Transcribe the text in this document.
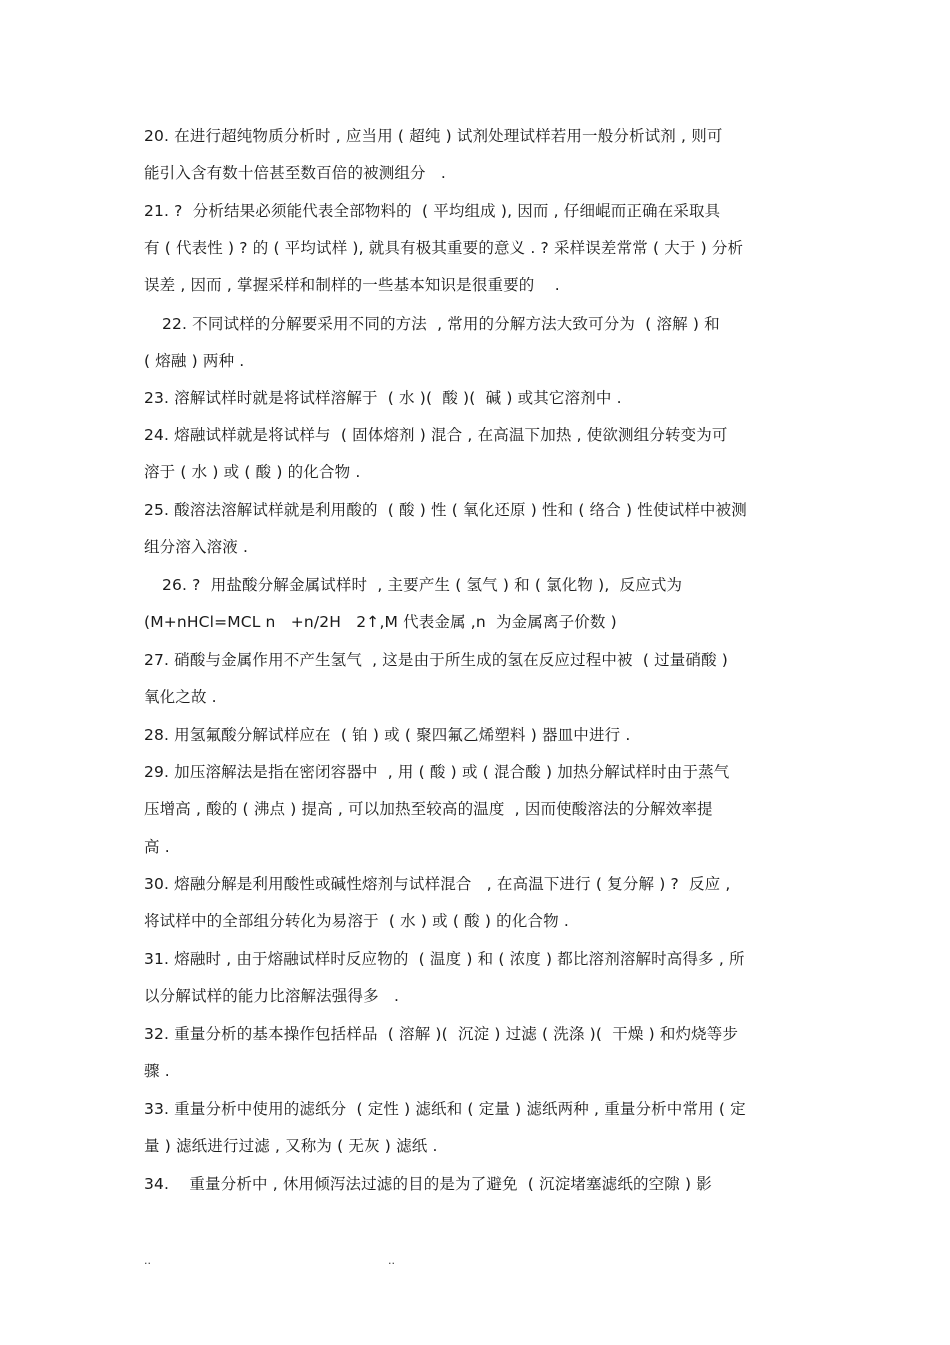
20. 在进行超纯物质分析时 , 应当用 ( 超纯 ) 试剂处理试样若用一般分析试剂 , 则可
能引入含有数十倍甚至数百倍的被测组分   .
21. ?  分析结果必须能代表全部物料的  ( 平均组成 ), 因而 , 仔细崐而正确在采取具
有 ( 代表性 ) ? 的 ( 平均试样 ), 就具有极其重要的意义 . ? 采样误差常常 ( 大于 ) 分析
误差 , 因而 , 掌握采样和制样的一些基本知识是很重要的    .
22. 不同试样的分解要采用不同的方法  , 常用的分解方法大致可分为  ( 溶解 ) 和
( 熔融 ) 两种 .
23. 溶解试样时就是将试样溶解于  ( 水 )(  酸 )(  碱 ) 或其它溶剂中 .
24. 熔融试样就是将试样与  ( 固体熔剂 ) 混合 , 在高温下加热 , 使欲测组分转变为可
溶于 ( 水 ) 或 ( 酸 ) 的化合物 .
25. 酸溶法溶解试样就是利用酸的  ( 酸 ) 性 ( 氧化还原 ) 性和 ( 络合 ) 性使试样中被测
组分溶入溶液 .
26. ?  用盐酸分解金属试样时  , 主要产生 ( 氢气 ) 和 ( 氯化物 ),  反应式为
(M+nHCl=MCL n   +n/2H   2↑,M 代表金属 ,n  为金属离子价数 )
27. 硝酸与金属作用不产生氢气  , 这是由于所生成的氢在反应过程中被  ( 过量硝酸 )
氧化之故 .
28. 用氢氟酸分解试样应在  ( 铂 ) 或 ( 聚四氟乙烯塑料 ) 器皿中进行 .
29. 加压溶解法是指在密闭容器中  , 用 ( 酸 ) 或 ( 混合酸 ) 加热分解试样时由于蒸气
压增高 , 酸的 ( 沸点 ) 提高 , 可以加热至较高的温度  , 因而使酸溶法的分解效率提
高 .
30. 熔融分解是利用酸性或碱性熔剂与试样混合   , 在高温下进行 ( 复分解 ) ?  反应 ,
将试样中的全部组分转化为易溶于  ( 水 ) 或 ( 酸 ) 的化合物 .
31. 熔融时 , 由于熔融试样时反应物的  ( 温度 ) 和 ( 浓度 ) 都比溶剂溶解时高得多 , 所
以分解试样的能力比溶解法强得多   .
32. 重量分析的基本操作包括样品  ( 溶解 )(  沉淀 ) 过滤 ( 洗涤 )(  干燥 ) 和灼烧等步
骤 .
33. 重量分析中使用的滤纸分  ( 定性 ) 滤纸和 ( 定量 ) 滤纸两种 , 重量分析中常用 ( 定
量 ) 滤纸进行过滤 , 又称为 ( 无灰 ) 滤纸 .
34.    重量分析中 , 休用倾泻法过滤的目的是为了避免  ( 沉淀堵塞滤纸的空隙 ) 影
..	..
